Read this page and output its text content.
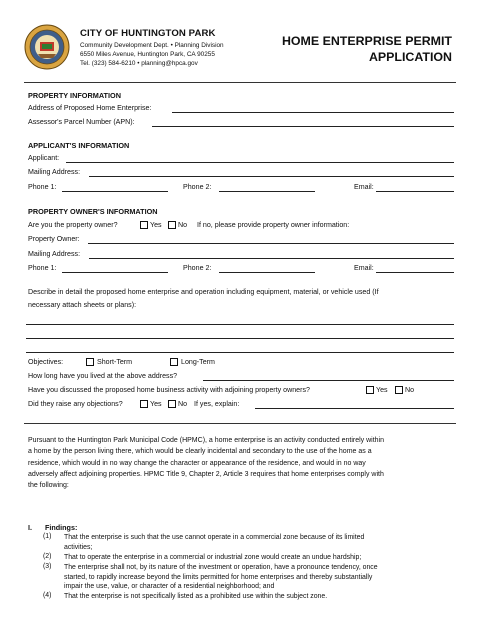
CITY OF HUNTINGTON PARK
Community Development Dept. • Planning Division
6550 Miles Avenue, Huntington Park, CA 90255
Tel. (323) 584-6210 • planning@hpca.gov
HOME ENTERPRISE PERMIT
APPLICATION
PROPERTY INFORMATION
Address of Proposed Home Enterprise:
Assessor's Parcel Number (APN):
APPLICANT'S INFORMATION
Applicant:
Mailing Address:
Phone 1:	Phone 2:	Email:
PROPERTY OWNER'S INFORMATION
Are you the property owner?	Yes No If no, please provide property owner information:
Property Owner:
Mailing Address:
Phone 1:	Phone 2:	Email:
Describe in detail the proposed home enterprise and operation including equipment, material, or vehicle used (If
necessary attach sheets or plans):
Objectives:	Short-Term	Long-Term
How long have you lived at the above address?
Have you discussed the proposed home business activity with adjoining property owners?	Yes No
Did they raise any objections?	Yes No If yes, explain:
Pursuant to the Huntington Park Municipal Code (HPMC), a home enterprise is an activity conducted entirely within
a home by the person living there, which would be clearly incidental and secondary to the use of the home as a
residence, which would in no way change the character or appearance of the residence, and would in no way
adversely affect adjoining properties. HPMC Title 9, Chapter 2, Article 3 requires that home enterprises comply with
the following:
I. Findings:
(1) That the enterprise is such that the use cannot operate in a commercial zone because of its limited
activities;
(2) That to operate the enterprise in a commercial or industrial zone would create an undue hardship;
(3) The enterprise shall not, by its nature of the investment or operation, have a pronounce tendency, once
started, to rapidly increase beyond the limits permitted for home enterprises and thereby substantially
impair the use, value, or character of a residential neighborhood; and
(4) That the enterprise is not specifically listed as a prohibited use within the subject zone.
